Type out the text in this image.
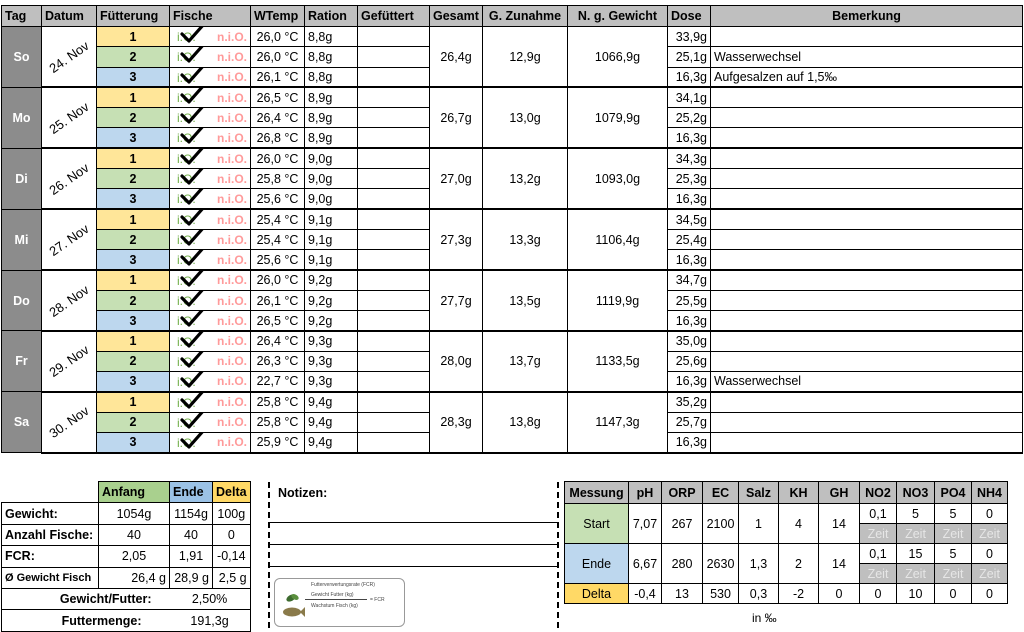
Tag	Datum	Fütterung	Fische	WTemp	Ration	Gefüttert	Gesamt	G. Zunahme	N. g. Gewicht	Dose	Bemerkung
So	24. Nov	1	i.O. n.i.O.	26,0 °C	8,8g		26,4g	12,9g	1066,9g	33,9g	
		2	i.O. n.i.O.	26,0 °C	8,8g					25,1g	Wasserwechsel
		3	i.O. n.i.O.	26,1 °C	8,8g					16,3g	Aufgesalzen auf 1,5‰
Mo	25. Nov	1	i.O. n.i.O.	26,5 °C	8,9g		26,7g	13,0g	1079,9g	34,1g	
		2	i.O. n.i.O.	26,4 °C	8,9g					25,2g	
		3	i.O. n.i.O.	26,8 °C	8,9g					16,3g	
Di	26. Nov	1	i.O. n.i.O.	26,0 °C	9,0g		27,0g	13,2g	1093,0g	34,3g	
		2	i.O. n.i.O.	25,8 °C	9,0g					25,3g	
		3	i.O. n.i.O.	25,6 °C	9,0g					16,3g	
Mi	27. Nov	1	i.O. n.i.O.	25,4 °C	9,1g		27,3g	13,3g	1106,4g	34,5g	
		2	i.O. n.i.O.	25,4 °C	9,1g					25,4g	
		3	i.O. n.i.O.	25,6 °C	9,1g					16,3g	
Do	28. Nov	1	i.O. n.i.O.	26,0 °C	9,2g		27,7g	13,5g	1119,9g	34,7g	
		2	i.O. n.i.O.	26,1 °C	9,2g					25,5g	
		3	i.O. n.i.O.	26,5 °C	9,2g					16,3g	
Fr	29. Nov	1	i.O. n.i.O.	26,4 °C	9,3g		28,0g	13,7g	1133,5g	35,0g	
		2	i.O. n.i.O.	26,3 °C	9,3g					25,6g	
		3	i.O. n.i.O.	22,7 °C	9,3g					16,3g	Wasserwechsel
Sa	30. Nov	1	i.O. n.i.O.	25,8 °C	9,4g		28,3g	13,8g	1147,3g	35,2g	
		2	i.O. n.i.O.	25,8 °C	9,4g					25,7g	
		3	i.O. n.i.O.	25,9 °C	9,4g					16,3g	
	Anfang	Ende	Delta
Gewicht:	1054g	1154g	100g
Anzahl Fische:	40	40	0
FCR:	2,05	1,91	-0,14
Ø Gewicht Fisch	26,4 g	28,9 g	2,5 g
Gewicht/Futter:		2,50%	
Futtermenge:		191,3g	
Notizen:
Futterverwertungsrate (FCR)
Gewicht Futter (kg)
= FCR
Wachstum Fisch (kg)
Messung	pH	ORP	EC	Salz	KH	GH	NO2	NO3	PO4	NH4
Start	7,07	267	2100	1	4	14	0,1	5	5	0
							Zeit	Zeit	Zeit	Zeit
Ende	6,67	280	2630	1,3	2	14	0,1	15	5	0
							Zeit	Zeit	Zeit	Zeit
Delta	-0,4	13	530	0,3	-2	0	0	10	0	0
in ‰
